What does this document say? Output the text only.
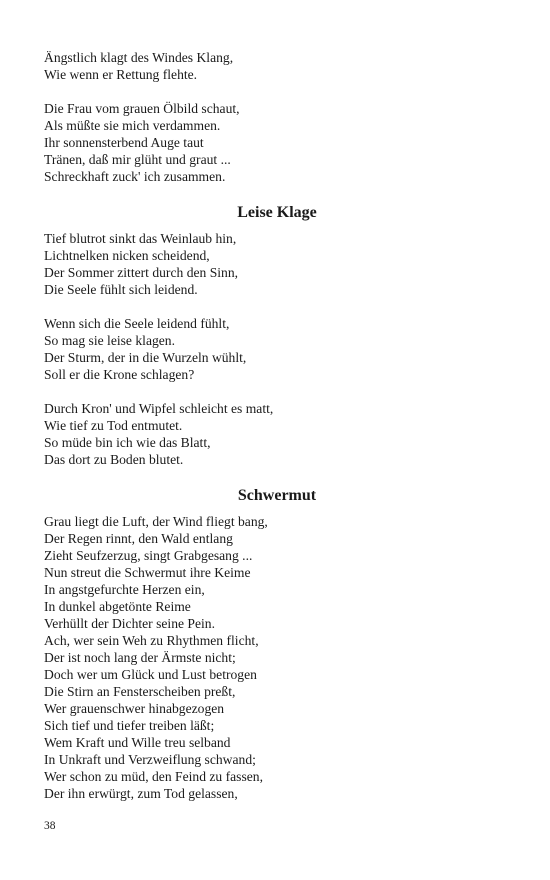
Ängstlich klagt des Windes Klang,
Wie wenn er Rettung flehte.
Die Frau vom grauen Ölbild schaut,
Als müßte sie mich verdammen.
Ihr sonnensterbend Auge taut
Tränen, daß mir glüht und graut ...
Schreckhaft zuck' ich zusammen.
Leise Klage
Tief blutrot sinkt das Weinlaub hin,
Lichtnelken nicken scheidend,
Der Sommer zittert durch den Sinn,
Die Seele fühlt sich leidend.
Wenn sich die Seele leidend fühlt,
So mag sie leise klagen.
Der Sturm, der in die Wurzeln wühlt,
Soll er die Krone schlagen?
Durch Kron' und Wipfel schleicht es matt,
Wie tief zu Tod entmutet.
So müde bin ich wie das Blatt,
Das dort zu Boden blutet.
Schwermut
Grau liegt die Luft, der Wind fliegt bang,
Der Regen rinnt, den Wald entlang
Zieht Seufzerzug, singt Grabgesang ...
Nun streut die Schwermut ihre Keime
In angstgefurchte Herzen ein,
In dunkel abgetönte Reime
Verhüllt der Dichter seine Pein.
Ach, wer sein Weh zu Rhythmen flicht,
Der ist noch lang der Ärmste nicht;
Doch wer um Glück und Lust betrogen
Die Stirn an Fensterscheiben preßt,
Wer grauenschwer hinabgezogen
Sich tief und tiefer treiben läßt;
Wem Kraft und Wille treu selband
In Unkraft und Verzweiflung schwand;
Wer schon zu müd, den Feind zu fassen,
Der ihn erwürgt, zum Tod gelassen,
38
